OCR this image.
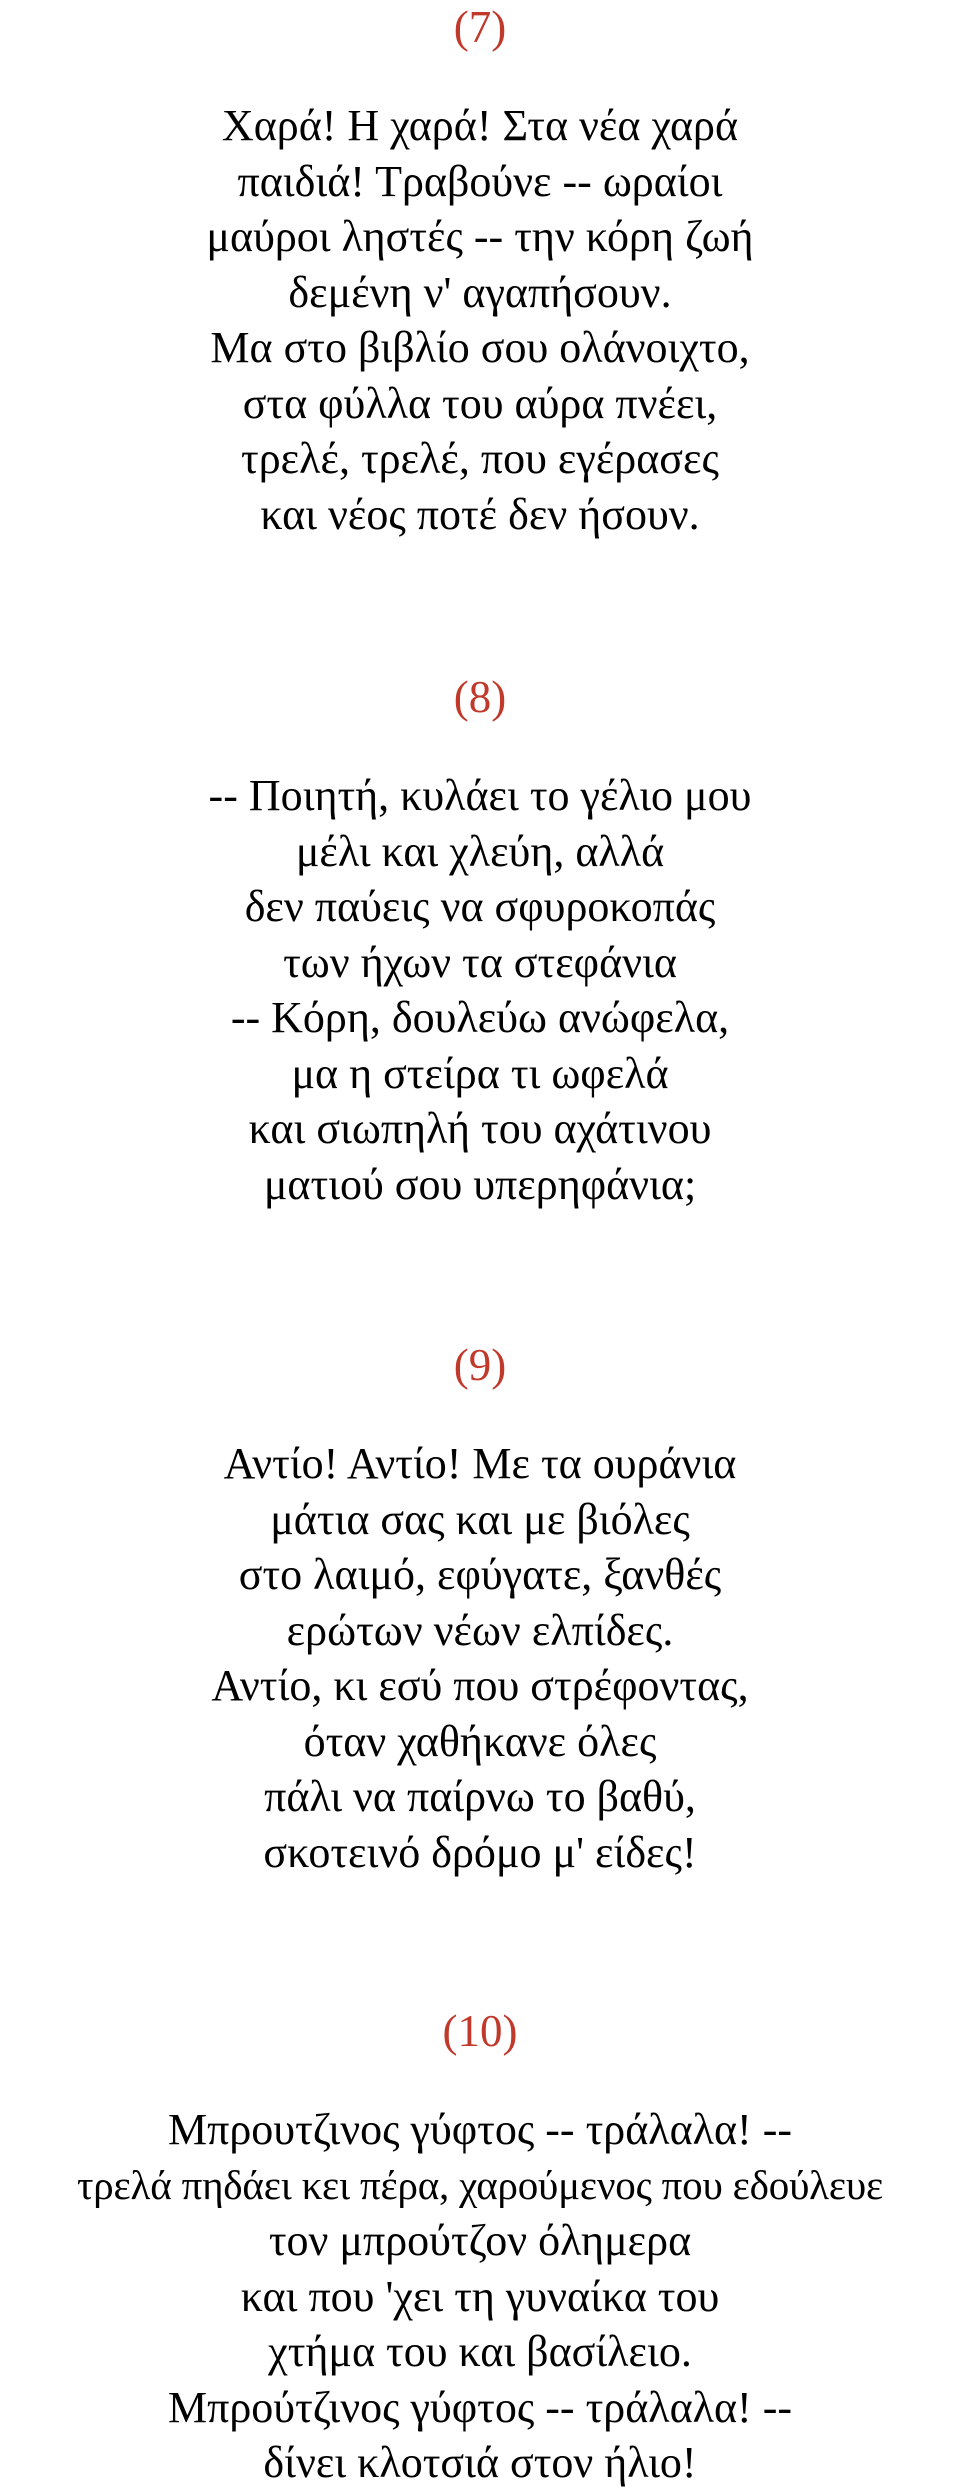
(7)
Χαρά! Η χαρά! Στα νέα χαρά
παιδιά! Τραβούνε -- ωραίοι
μαύροι ληστές -- την κόρη ζωή
δεμένη ν' αγαπήσουν.
Μα στο βιβλίο σου ολάνοιχτο,
στα φύλλα του αύρα πνέει,
τρελέ, τρελέ, που εγέρασες
και νέος ποτέ δεν ήσουν.
(8)
-- Ποιητή, κυλάει το γέλιο μου
μέλι και χλεύη, αλλά
δεν παύεις να σφυροκοπάς
των ήχων τα στεφάνια
-- Κόρη, δουλεύω ανώφελα,
μα η στείρα τι ωφελά
και σιωπηλή του αχάτινου
ματιού σου υπερηφάνια;
(9)
Αντίο! Αντίο! Με τα ουράνια
μάτια σας και με βιόλες
στο λαιμό, εφύγατε, ξανθές
ερώτων νέων ελπίδες.
Αντίο, κι εσύ που στρέφοντας,
όταν χαθήκανε όλες
πάλι να παίρνω το βαθύ,
σκοτεινό δρόμο μ' είδες!
(10)
Μπρουτζινος γύφτος -- τράλαλα! --
τρελά πηδάει κει πέρα, χαρούμενος που εδούλευε
τον μπρούτζον όλημερα
και που 'χει τη γυναίκα του
χτήμα του και βασίλειο.
Μπρούτζινος γύφτος -- τράλαλα! --
δίνει κλοτσιά στον ήλιο!
